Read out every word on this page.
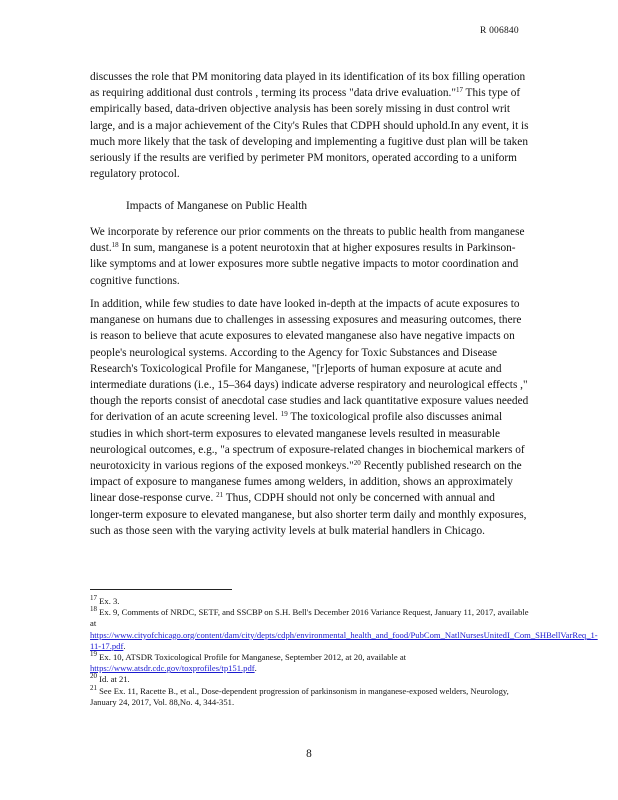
R 006840

discusses the role that PM monitoring data played in its identification of its box filling operation as requiring additional dust controls , terming its process "data drive evaluation."$^{17}$ This type of empirically based, data-driven objective analysis has been sorely missing in dust control writ large, and is a major achievement of the City's Rules that CDPH should uphold.In any event, it is much more likely that the task of developing and implementing a fugitive dust plan will be taken seriously if the results are verified by perimeter PM monitors, operated according to a uniform regulatory protocol.

Impacts of Manganese on Public Health

We incorporate by reference our prior comments on the threats to public health from manganese dust.$^{18}$ In sum, manganese is a potent neurotoxin that at higher exposures results in Parkinson-like symptoms and at lower exposures more subtle negative impacts to motor coordination and cognitive functions.

In addition, while few studies to date have looked in-depth at the impacts of acute exposures to manganese on humans due to challenges in assessing exposures and measuring outcomes, there is reason to believe that acute exposures to elevated manganese also have negative impacts on people's neurological systems. According to the Agency for Toxic Substances and Disease Research's Toxicological Profile for Manganese, "[r]eports of human exposure at acute and intermediate durations (i.e., 15–364 days) indicate adverse respiratory and neurological effects ," though the reports consist of anecdotal case studies and lack quantitative exposure values needed for derivation of an acute screening level. $^{19}$ The toxicological profile also discusses animal studies in which short-term exposures to elevated manganese levels resulted in measurable neurological outcomes, e.g., "a spectrum of exposure-related changes in biochemical markers of neurotoxicity in various regions of the exposed monkeys."$^{20}$ Recently published research on the impact of exposure to manganese fumes among welders, in addition, shows an approximately linear dose-response curve. $^{21}$ Thus, CDPH should not only be concerned with annual and longer-term exposure to elevated manganese, but also shorter term daily and monthly exposures, such as those seen with the varying activity levels at bulk material handlers in Chicago.

$^{17}$ Ex. 3.
$^{18}$ Ex. 9, Comments of NRDC, SETF, and SSCBP on S.H. Bell's December 2016 Variance Request, January 11, 2017, available at https://www.cityofchicago.org/content/dam/city/depts/cdph/environmental_health_and_food/PubCom_NatlNursesUnitedI_Com_SHBellVarReq_1-11-17.pdf.
$^{19}$ Ex. 10, ATSDR Toxicological Profile for Manganese, September 2012, at 20, available at https://www.atsdr.cdc.gov/toxprofiles/tp151.pdf.
$^{20}$ Id. at 21.
$^{21}$ See Ex. 11, Racette B., et al., Dose-dependent progression of parkinsonism in manganese-exposed welders, Neurology, January 24, 2017, Vol. 88,No. 4, 344-351.
8
